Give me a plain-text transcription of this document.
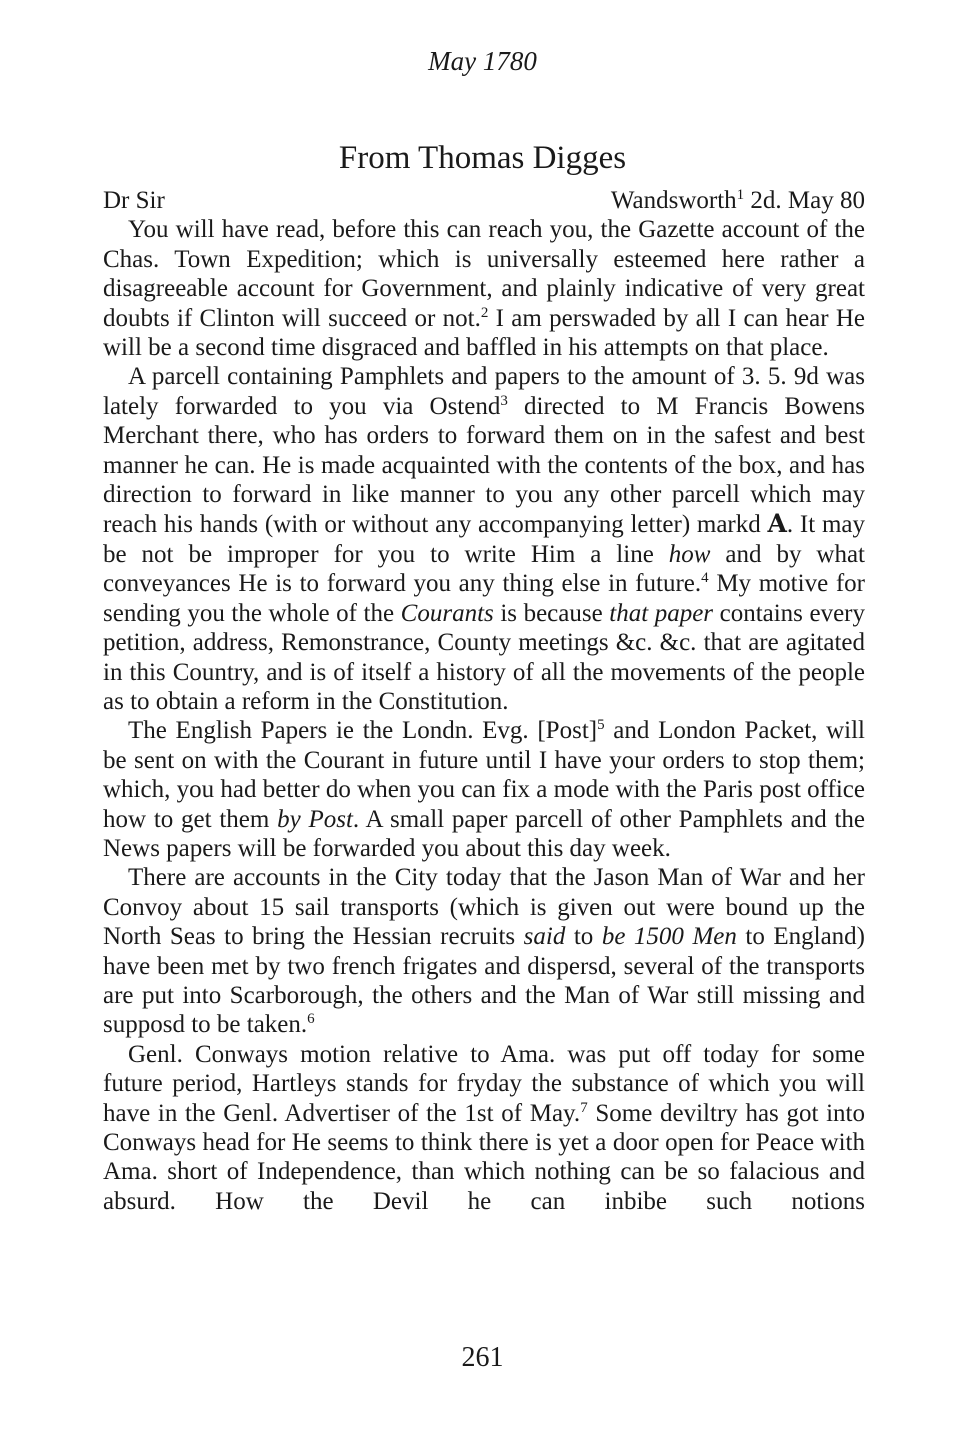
May 1780
From Thomas Digges
Dr Sir	Wandsworth$^1$ 2d. May 80

You will have read, before this can reach you, the Gazette account of the Chas. Town Expedition; which is universally esteemed here rather a disagreeable account for Government, and plainly indicative of very great doubts if Clinton will succeed or not.$^2$ I am perswaded by all I can hear He will be a second time disgraced and baffled in his attempts on that place.

A parcell containing Pamphlets and papers to the amount of 3. 5. 9d was lately forwarded to you via Ostend$^3$ directed to M Francis Bowens Merchant there, who has orders to forward them on in the safest and best manner he can. He is made acquainted with the contents of the box, and has direction to forward in like manner to you any other parcell which may reach his hands (with or without any accompanying letter) markd A. It may be not be improper for you to write Him a line how and by what conveyances He is to forward you any thing else in future.$^4$ My motive for sending you the whole of the Courants is because that paper contains every petition, address, Remonstrance, County meetings &c. &c. that are agitated in this Country, and is of itself a history of all the movements of the people as to obtain a reform in the Constitution.

The English Papers ie the Londn. Evg. [Post]$^5$ and London Packet, will be sent on with the Courant in future until I have your orders to stop them; which, you had better do when you can fix a mode with the Paris post office how to get them by Post. A small paper parcell of other Pamphlets and the News papers will be forwarded you about this day week.

There are accounts in the City today that the Jason Man of War and her Convoy about 15 sail transports (which is given out were bound up the North Seas to bring the Hessian recruits said to be 1500 Men to England) have been met by two french frigates and dispersd, several of the transports are put into Scarborough, the others and the Man of War still missing and supposd to be taken.$^6$

Genl. Conways motion relative to Ama. was put off today for some future period, Hartleys stands for fryday the substance of which you will have in the Genl. Advertiser of the 1st of May.$^7$ Some deviltry has got into Conways head for He seems to think there is yet a door open for Peace with Ama. short of Independence, than which nothing can be so falacious and absurd. How the Devil he can inbibe such notions

261
